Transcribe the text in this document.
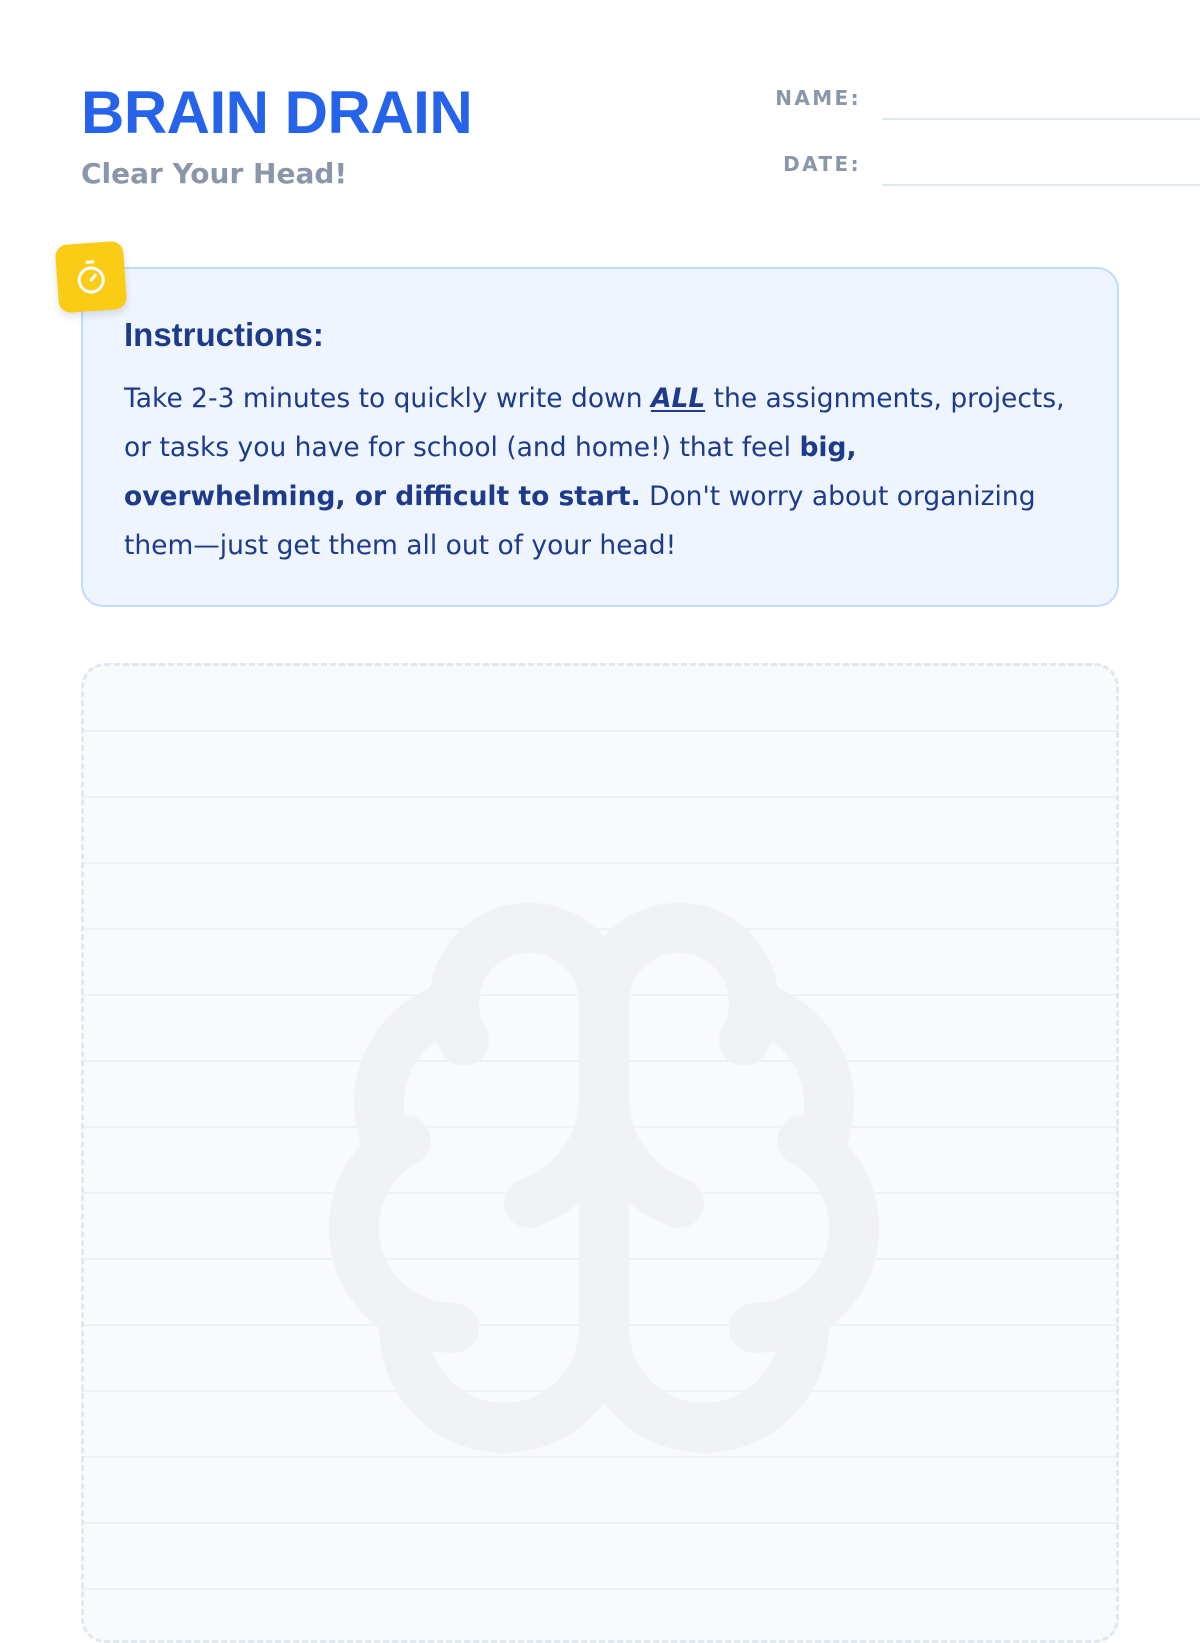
BRAIN DRAIN
Clear Your Head!
NAME:
DATE:
Instructions:

Take 2-3 minutes to quickly write down ALL the assignments, projects, or tasks you have for school (and home!) that feel big, overwhelming, or difficult to start. Don't worry about organizing them—just get them all out of your head!
